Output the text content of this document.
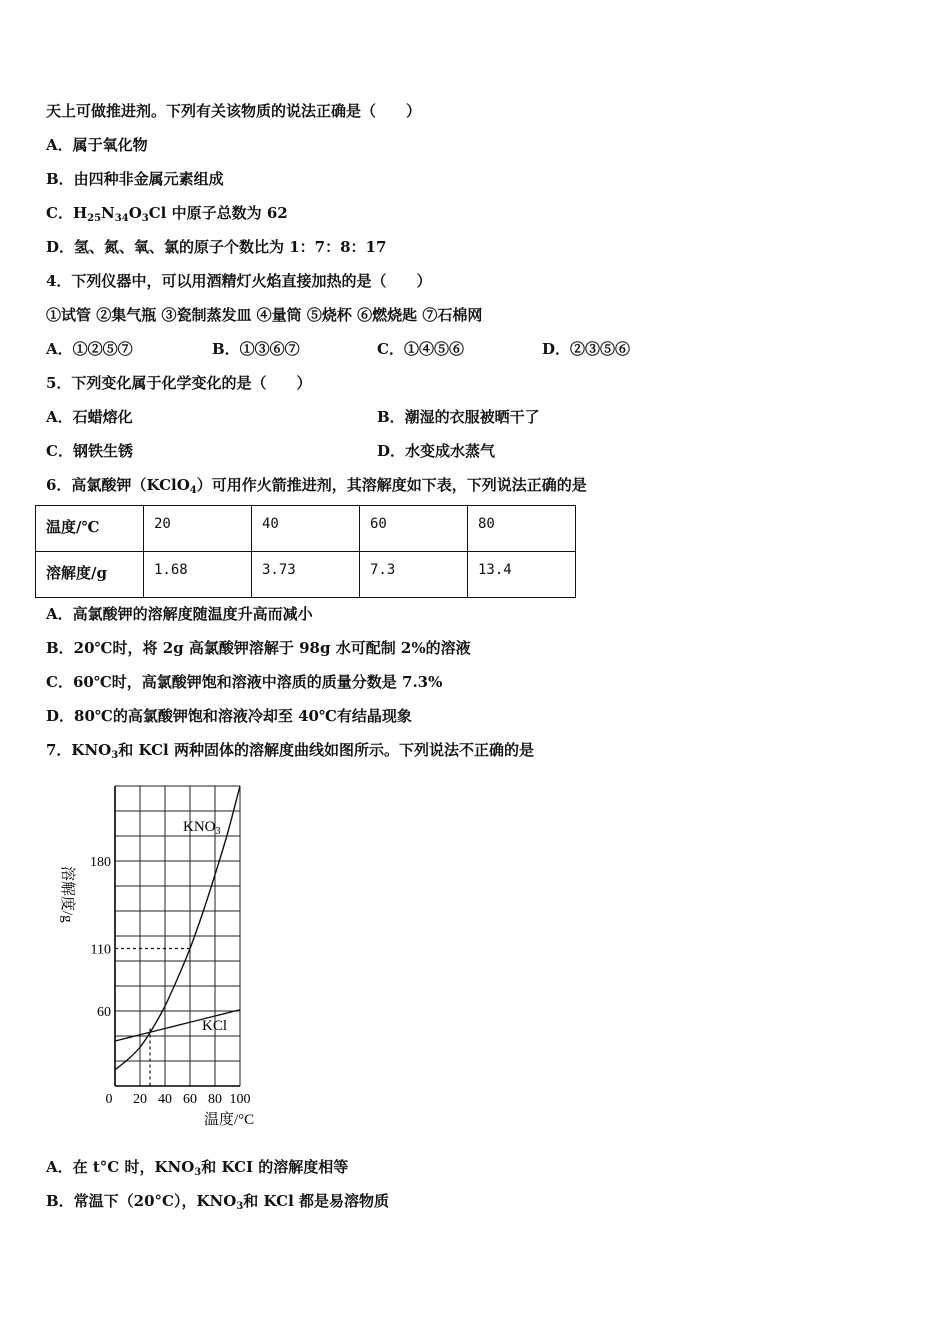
天上可做推进剂。下列有关该物质的说法正确是（　　）
A．属于氧化物
B．由四种非金属元素组成
C．$H_{25}N_{34}O_3Cl$ 中原子总数为 62
D．氢、氮、氧、氯的原子个数比为 1：7：8：17
4．下列仪器中，可以用酒精灯火焰直接加热的是（　　）
①试管 ②集气瓶 ③瓷制蒸发皿 ④量筒 ⑤烧杯 ⑥燃烧匙 ⑦石棉网
A．①②⑤⑦	B．①③⑥⑦	C．①④⑤⑥	D．②③⑤⑥
5．下列变化属于化学变化的是（　　）
A．石蜡熔化	B．潮湿的衣服被晒干了
C．钢铁生锈	D．水变成水蒸气
6．高氯酸钾（KClO$_4$）可用作火箭推进剂，其溶解度如下表，下列说法正确的是
温度/℃	20	40	60	80
溶解度/g	1.68	3.73	7.3	13.4
A．高氯酸钾的溶解度随温度升高而减小
B．20℃时，将 2g 高氯酸钾溶解于 98g 水可配制 2%的溶液
C．60℃时，高氯酸钾饱和溶液中溶质的质量分数是 7.3%
D．80℃的高氯酸钾饱和溶液冷却至 40℃有结晶现象
7．$KNO_3$和 KCl 两种固体的溶解度曲线如图所示。下列说法不正确的是
0 20 40 60 80 100
60
110
180
溶解度/g
温度/°C
$KNO_3$
KCl
A．在 t°C 时，$KNO_3$和 KCI 的溶解度相等
B．常温下（20°C），$KNO_3$和 KCl 都是易溶物质
